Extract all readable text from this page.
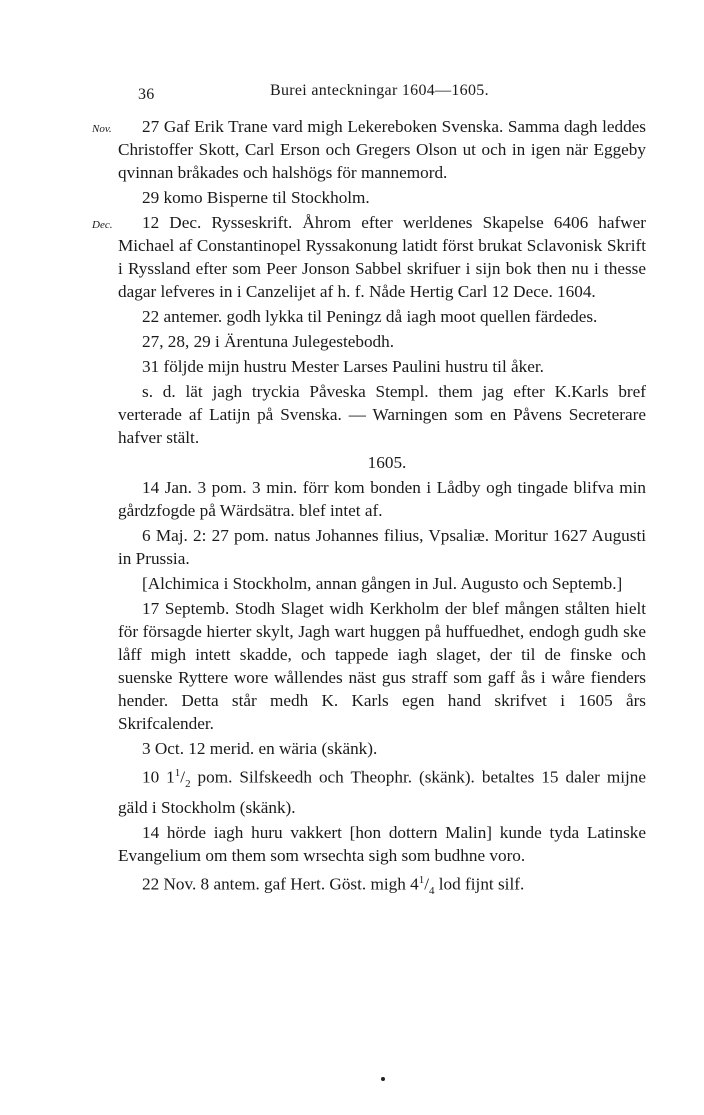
36	Burei anteckningar 1604—1605.

Nov. 27 Gaf Erik Trane vard migh Lekereboken Svenska. Samma dagh leddes Christoffer Skott, Carl Erson och Gregers Olson ut och in igen när Eggeby qvinnan bråkades och halshögs för mannemord.

29 komo Bisperne til Stockholm.

Dec. 12 Dec. Rysseskrift. Åhrom efter werldenes Skapelse 6406 hafwer Michael af Constantinopel Ryssakonung latidt först brukat Sclavonisk Skrift i Ryssland efter som Peer Jonson Sabbel skrifuer i sijn bok then nu i thesse dagar lefveres in i Canzelijet af h. f. Nåde Hertig Carl 12 Dece. 1604.

22 antemer. godh lykka til Peningz då iagh moot quellen färdedes.

27, 28, 29 i Ärentuna Julegestebodh.

31 följde mijn hustru Mester Larses Paulini hustru til åker.

s. d. lät jagh tryckia Påveska Stempl. them jag efter K.Karls bref verterade af Latijn på Svenska. — Warningen som en Påvens Secreterare hafver stält.

1605.

14 Jan. 3 pom. 3 min. förr kom bonden i Lådby ogh tingade blifva min gårdzfogde på Wärdsätra. blef intet af.

6 Maj. 2: 27 pom. natus Johannes filius, Vpsaliæ. Moritur 1627 Augusti in Prussia.

[Alchimica i Stockholm, annan gången in Jul. Augusto och Septemb.]

17 Septemb. Stodh Slaget widh Kerkholm der blef mången stålten hielt för försagde hierter skylt, Jagh wart huggen på huffuedhet, endogh gudh ske låff migh intett skadde, och tappede iagh slaget, der til de finske och suenske Ryttere wore wållendes näst gus straff som gaff ås i wåre fienders hender. Detta står medh K. Karls egen hand skrifvet i 1605 års Skrifcalender.

3 Oct. 12 merid. en wäria (skänk).

10 $1^1/_2$ pom. Silfskeedh och Theophr. (skänk). betaltes 15 daler mijne gäld i Stockholm (skänk).

14 hörde iagh huru vakkert [hon dottern Malin] kunde tyda Latinske Evangelium om them som wrsechta sigh som budhne voro.

22 Nov. 8 antem. gaf Hert. Göst. migh $4^1/_4$ lod fijnt silf.
